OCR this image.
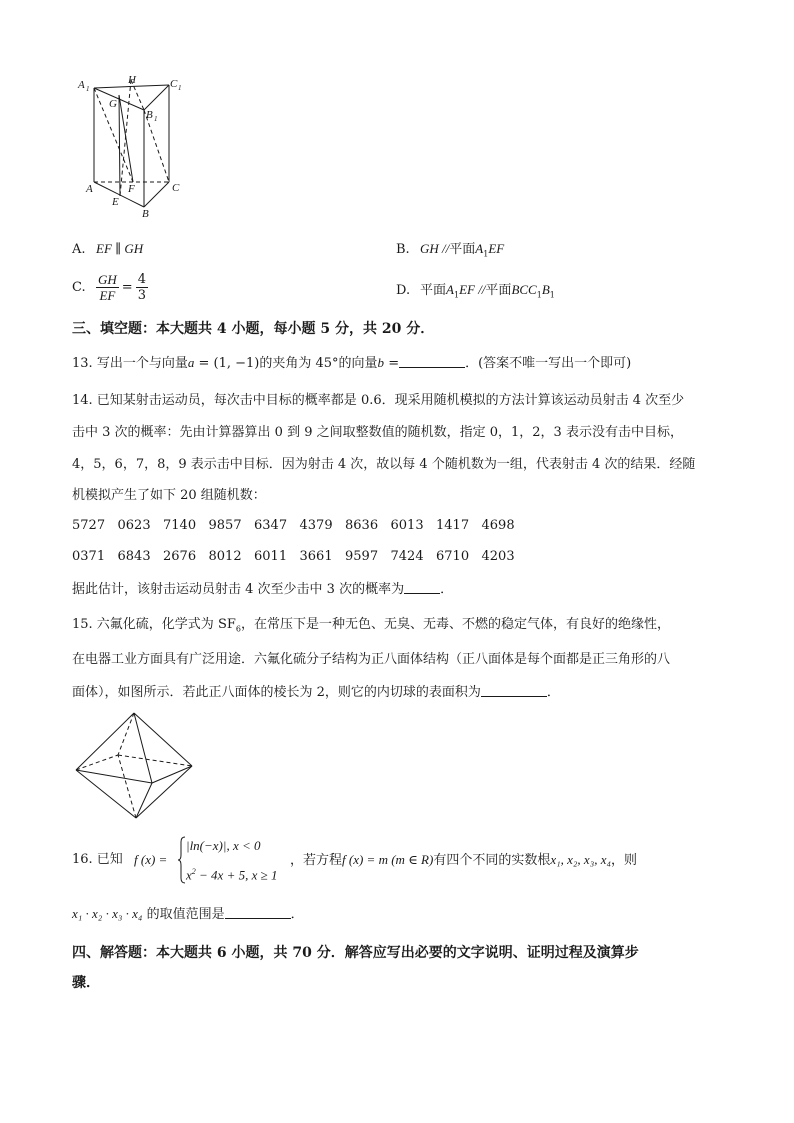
A 1
H	C 1
G
B 1
A	F	C
E
B
A. EF ∥ GH	B. GH //平面$A_1EF$
C. $\frac{GH}{EF} = \frac{4}{3}$	D. 平面$A_1EF$ //平面$BCC_1B_1$
三、填空题：本大题共 4 小题，每小题 5 分，共 20 分．
13. 写出一个与向量a = (1, −1)的夹角为 45°的向量b =	．(答案不唯一写出一个即可)
14. 已知某射击运动员，每次击中目标的概率都是 0.6．现采用随机模拟的方法计算该运动员射击 4 次至少
击中 3 次的概率：先由计算器算出 0 到 9 之间取整数值的随机数，指定 0，1，2，3 表示没有击中目标，
4，5，6，7，8，9 表示击中目标．因为射击 4 次，故以每 4 个随机数为一组，代表射击 4 次的结果．经随
机模拟产生了如下 20 组随机数：
5727 0623 7140 9857 6347 4379 8636 6013 1417 4698
0371 6843 2676 8012 6011 3661 9597 7424 6710 4203
据此估计，该射击运动员射击 4 次至少击中 3 次的概率为	．
15. 六氟化硫，化学式为 $SF_6$，在常压下是一种无色、无臭、无毒、不燃的稳定气体，有良好的绝缘性，
在电器工业方面具有广泛用途．六氟化硫分子结构为正八面体结构（正八面体是每个面都是正三角形的八
面体），如图所示．若此正八面体的棱长为 2，则它的内切球的表面积为	．
16. 已知 f (x) =
|ln(−x)|, x < 0
$x^2 - 4x + 5$, x ≥ 1
，若方程f (x) = m (m ∈ R)有四个不同的实数根x₁, x₂, x₃, x₄，则
x₁ · x₂ · x₃ · x₄ 的取值范围是	．
四、解答题：本大题共 6 小题，共 70 分．解答应写出必要的文字说明、证明过程及演算步
骤．
